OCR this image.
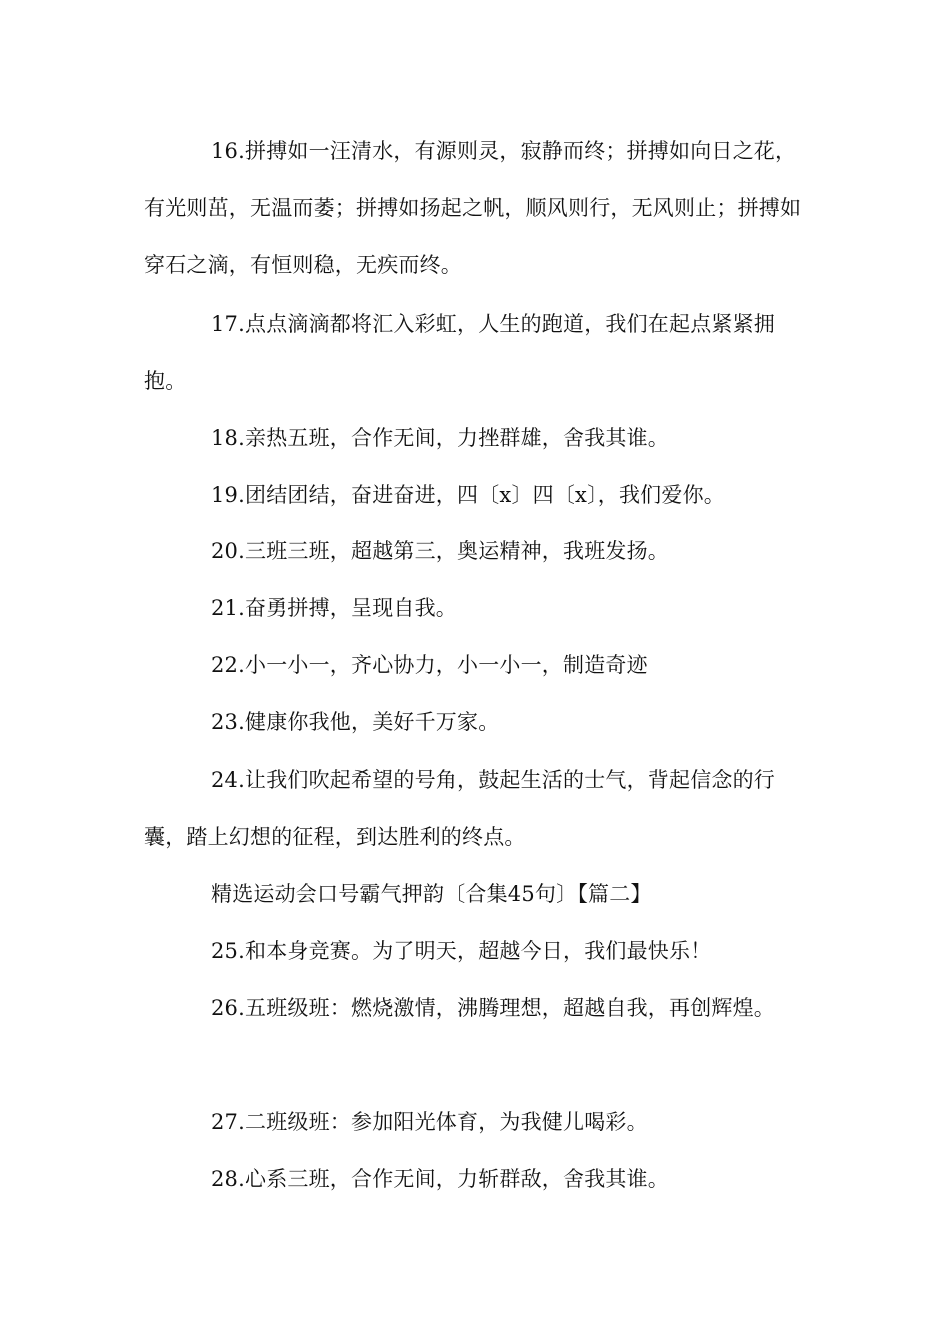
16.拼搏如一汪清水，有源则灵，寂静而终；拼搏如向日之花，有光则茁，无温而萎；拼搏如扬起之帆，顺风则行，无风则止；拼搏如穿石之滴，有恒则稳，无疾而终。

17.点点滴滴都将汇入彩虹，人生的跑道，我们在起点紧紧拥抱。

18.亲热五班，合作无间，力挫群雄，舍我其谁。

19.团结团结，奋进奋进，四〔x〕四〔x〕，我们爱你。

20.三班三班，超越第三，奥运精神，我班发扬。

21.奋勇拼搏，呈现自我。

22.小一小一，齐心协力，小一小一，制造奇迹

23.健康你我他，美好千万家。

24.让我们吹起希望的号角，鼓起生活的士气，背起信念的行囊，踏上幻想的征程，到达胜利的终点。

精选运动会口号霸气押韵〔合集45句〕【篇二】

25.和本身竞赛。为了明天，超越今日，我们最快乐！

26.五班级班：燃烧激情，沸腾理想，超越自我，再创辉煌。

27.二班级班：参加阳光体育，为我健儿喝彩。

28.心系三班，合作无间，力斩群敌，舍我其谁。
